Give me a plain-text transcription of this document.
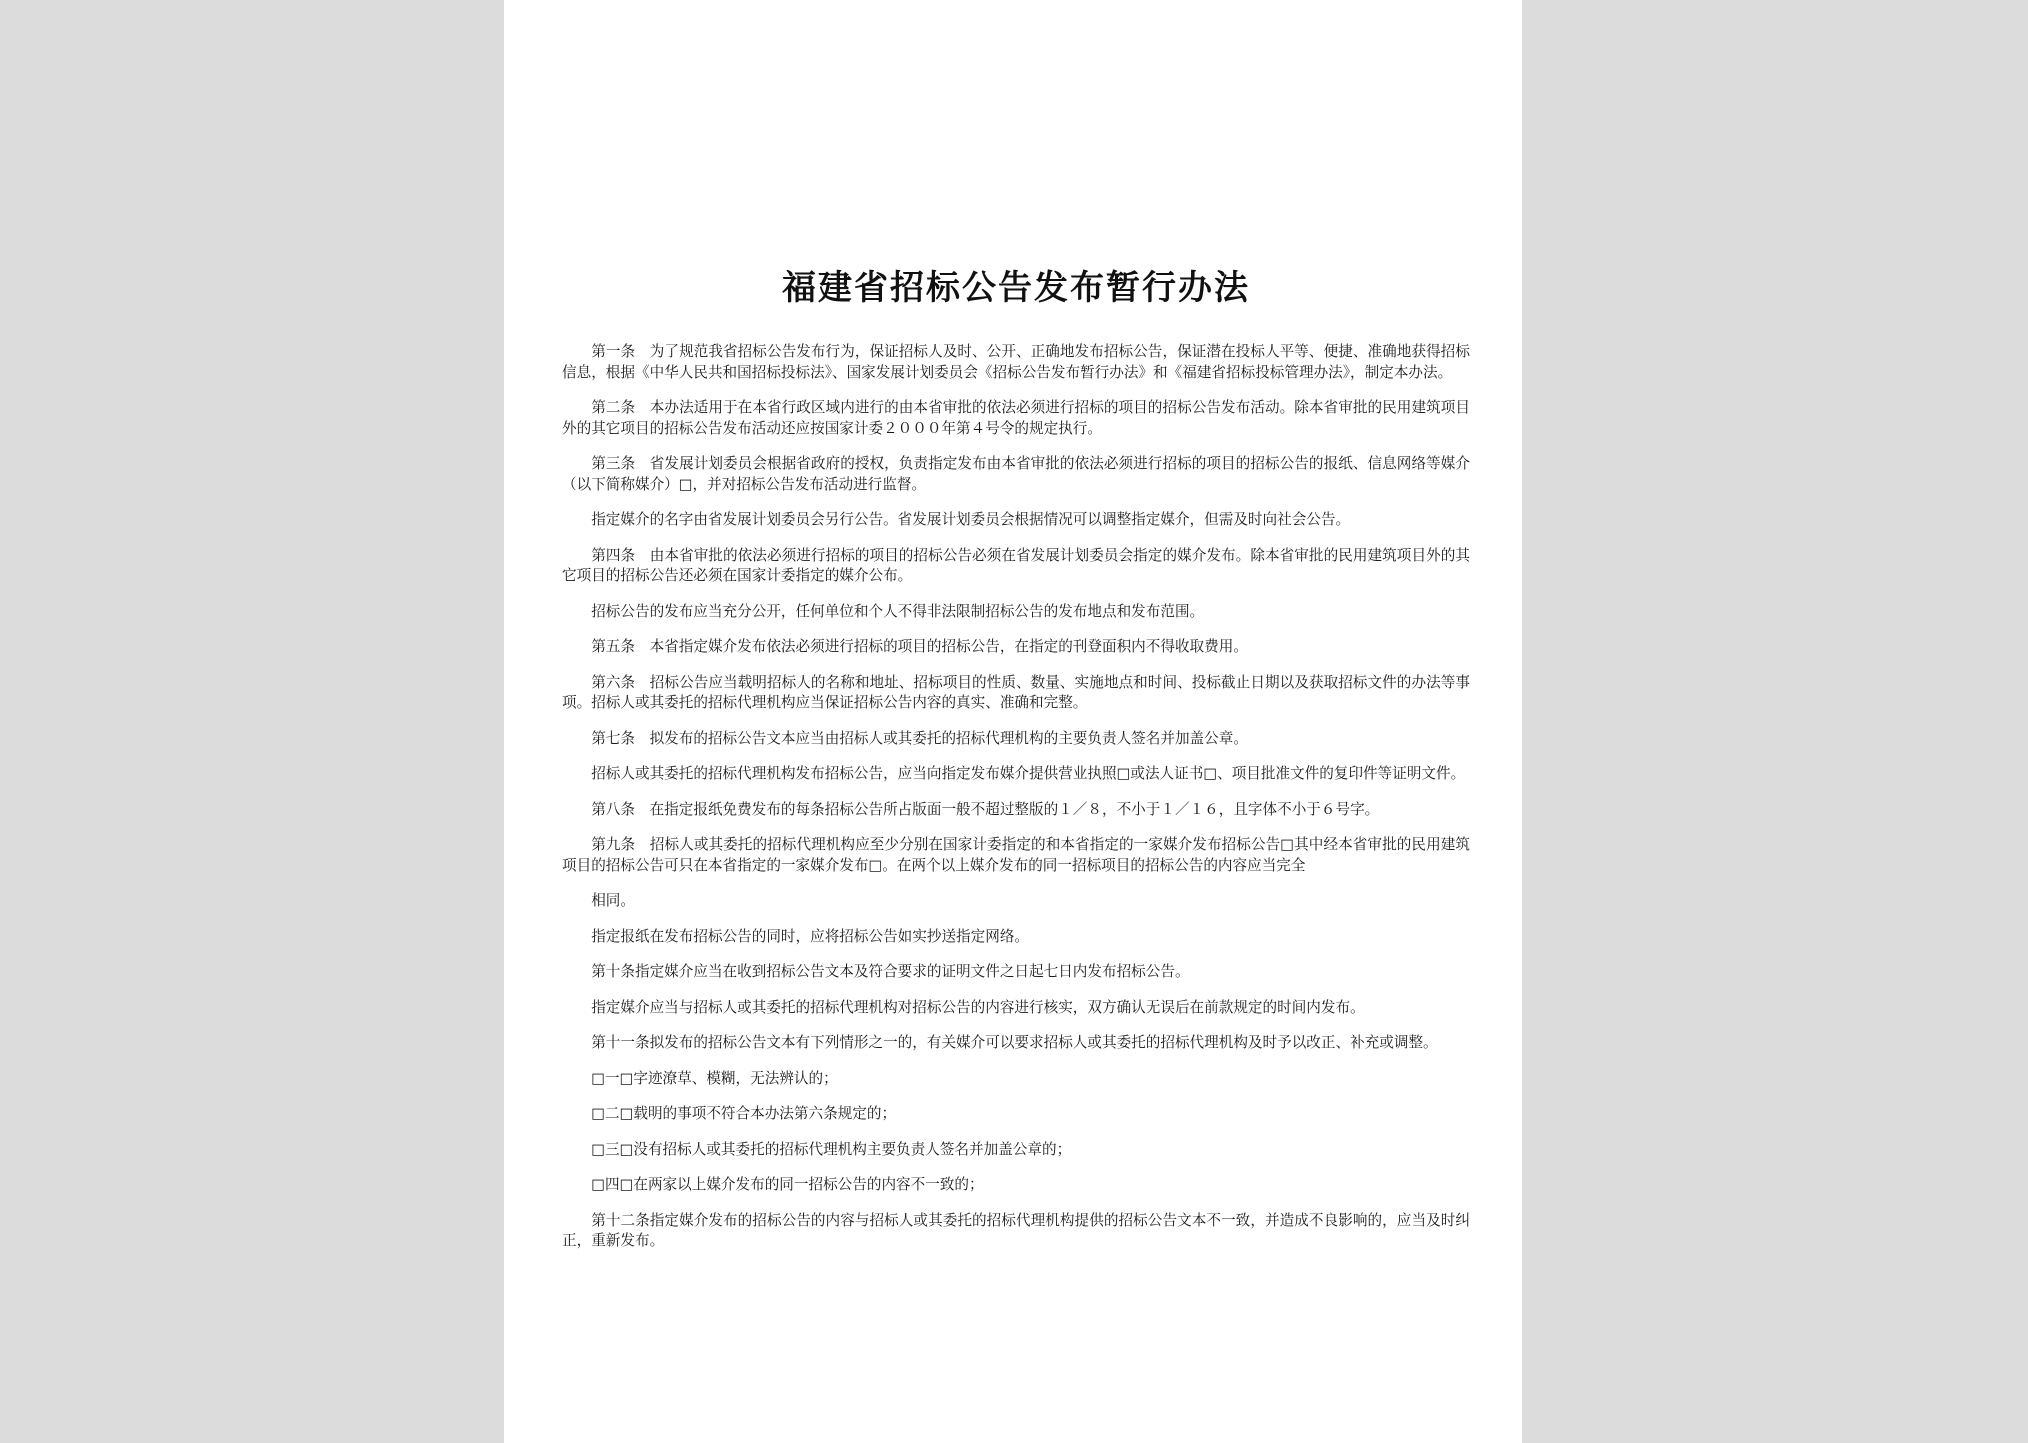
福建省招标公告发布暂行办法

第一条　为了规范我省招标公告发布行为，保证招标人及时、公开、正确地发布招标公告，保证潜在投标人平等、便捷、准确地获得招标信息，根据《中华人民共和国招标投标法》、国家发展计划委员会《招标公告发布暂行办法》和《福建省招标投标管理办法》，制定本办法。

第二条　本办法适用于在本省行政区域内进行的由本省审批的依法必须进行招标的项目的招标公告发布活动。除本省审批的民用建筑项目外的其它项目的招标公告发布活动还应按国家计委２０００年第４号令的规定执行。

第三条　省发展计划委员会根据省政府的授权，负责指定发布由本省审批的依法必须进行招标的项目的招标公告的报纸、信息网络等媒介（以下简称媒介）□，并对招标公告发布活动进行监督。

指定媒介的名字由省发展计划委员会另行公告。省发展计划委员会根据情况可以调整指定媒介，但需及时向社会公告。

第四条　由本省审批的依法必须进行招标的项目的招标公告必须在省发展计划委员会指定的媒介发布。除本省审批的民用建筑项目外的其它项目的招标公告还必须在国家计委指定的媒介公布。

招标公告的发布应当充分公开，任何单位和个人不得非法限制招标公告的发布地点和发布范围。

第五条　本省指定媒介发布依法必须进行招标的项目的招标公告，在指定的刊登面积内不得收取费用。

第六条　招标公告应当载明招标人的名称和地址、招标项目的性质、数量、实施地点和时间、投标截止日期以及获取招标文件的办法等事项。招标人或其委托的招标代理机构应当保证招标公告内容的真实、准确和完整。

第七条　拟发布的招标公告文本应当由招标人或其委托的招标代理机构的主要负责人签名并加盖公章。

招标人或其委托的招标代理机构发布招标公告，应当向指定发布媒介提供营业执照□或法人证书□、项目批准文件的复印件等证明文件。

第八条　在指定报纸免费发布的每条招标公告所占版面一般不超过整版的１／８，不小于１／１６，且字体不小于６号字。

第九条　招标人或其委托的招标代理机构应至少分别在国家计委指定的和本省指定的一家媒介发布招标公告□其中经本省审批的民用建筑项目的招标公告可只在本省指定的一家媒介发布□。在两个以上媒介发布的同一招标项目的招标公告的内容应当完全

相同。

指定报纸在发布招标公告的同时，应将招标公告如实抄送指定网络。

第十条指定媒介应当在收到招标公告文本及符合要求的证明文件之日起七日内发布招标公告。

指定媒介应当与招标人或其委托的招标代理机构对招标公告的内容进行核实，双方确认无误后在前款规定的时间内发布。

第十一条拟发布的招标公告文本有下列情形之一的，有关媒介可以要求招标人或其委托的招标代理机构及时予以改正、补充或调整。

□一□字迹潦草、模糊，无法辨认的；

□二□载明的事项不符合本办法第六条规定的；

□三□没有招标人或其委托的招标代理机构主要负责人签名并加盖公章的；

□四□在两家以上媒介发布的同一招标公告的内容不一致的；

第十二条指定媒介发布的招标公告的内容与招标人或其委托的招标代理机构提供的招标公告文本不一致，并造成不良影响的，应当及时纠正，重新发布。
